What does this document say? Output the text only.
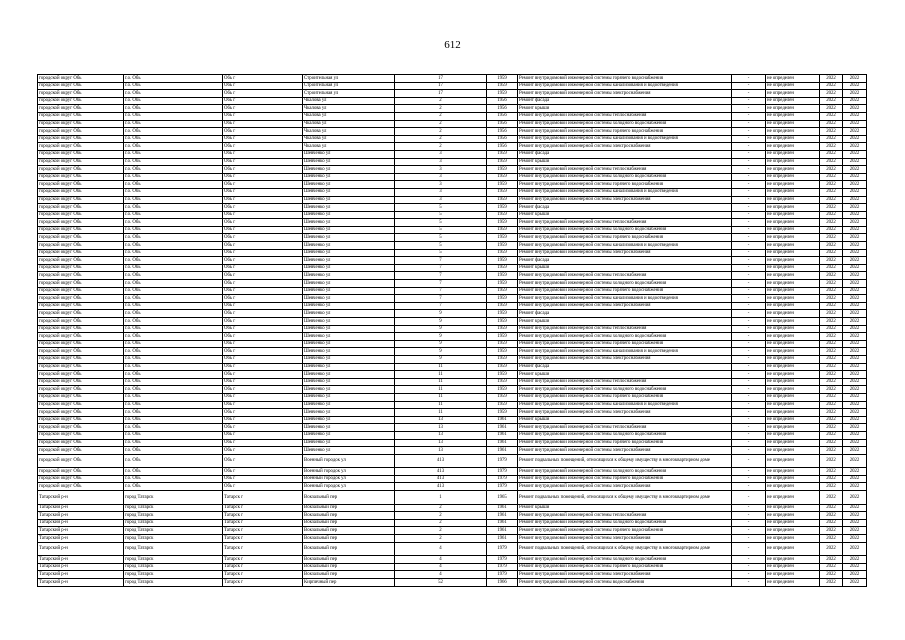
612
городской округ Обь	г.о. Обь	Обь г	Строительная ул	17	1959	Ремонт внутридомовой инженерной системы горячего водоснабжения	-	не определен	2022	2022
городской округ Обь	г.о. Обь	Обь г	Строительная ул	17	1959	Ремонт внутридомовой инженерной системы канализования и водоотведения	-	не определен	2022	2022
городской округ Обь	г.о. Обь	Обь г	Строительная ул	17	1959	Ремонт внутридомовой инженерной системы электроснабжения	-	не определен	2022	2022
городской округ Обь	г.о. Обь	Обь г	Чкалова ул	2	1956	Ремонт фасада	-	не определен	2022	2022
городской округ Обь	г.о. Обь	Обь г	Чкалова ул	2	1956	Ремонт крыши	-	не определен	2022	2022
городской округ Обь	г.о. Обь	Обь г	Чкалова ул	2	1956	Ремонт внутридомовой инженерной системы теплоснабжения	-	не определен	2022	2022
городской округ Обь	г.о. Обь	Обь г	Чкалова ул	2	1956	Ремонт внутридомовой инженерной системы холодного водоснабжения	-	не определен	2022	2022
городской округ Обь	г.о. Обь	Обь г	Чкалова ул	2	1956	Ремонт внутридомовой инженерной системы горячего водоснабжения	-	не определен	2022	2022
городской округ Обь	г.о. Обь	Обь г	Чкалова ул	2	1956	Ремонт внутридомовой инженерной системы канализования и водоотведения	-	не определен	2022	2022
городской округ Обь	г.о. Обь	Обь г	Чкалова ул	2	1956	Ремонт внутридомовой инженерной системы электроснабжения	-	не определен	2022	2022
городской округ Обь	г.о. Обь	Обь г	Шевченко ул	3	1959	Ремонт фасада	-	не определен	2022	2022
городской округ Обь	г.о. Обь	Обь г	Шевченко ул	3	1959	Ремонт крыши	-	не определен	2022	2022
городской округ Обь	г.о. Обь	Обь г	Шевченко ул	3	1959	Ремонт внутридомовой инженерной системы теплоснабжения	-	не определен	2022	2022
городской округ Обь	г.о. Обь	Обь г	Шевченко ул	3	1959	Ремонт внутридомовой инженерной системы холодного водоснабжения	-	не определен	2022	2022
городской округ Обь	г.о. Обь	Обь г	Шевченко ул	3	1959	Ремонт внутридомовой инженерной системы горячего водоснабжения	-	не определен	2022	2022
городской округ Обь	г.о. Обь	Обь г	Шевченко ул	3	1959	Ремонт внутридомовой инженерной системы канализования и водоотведения	-	не определен	2022	2022
городской округ Обь	г.о. Обь	Обь г	Шевченко ул	3	1959	Ремонт внутридомовой инженерной системы электроснабжения	-	не определен	2022	2022
городской округ Обь	г.о. Обь	Обь г	Шевченко ул	5	1959	Ремонт фасада	-	не определен	2022	2022
городской округ Обь	г.о. Обь	Обь г	Шевченко ул	5	1959	Ремонт крыши	-	не определен	2022	2022
городской округ Обь	г.о. Обь	Обь г	Шевченко ул	5	1959	Ремонт внутридомовой инженерной системы теплоснабжения	-	не определен	2022	2022
городской округ Обь	г.о. Обь	Обь г	Шевченко ул	5	1959	Ремонт внутридомовой инженерной системы холодного водоснабжения	-	не определен	2022	2022
городской округ Обь	г.о. Обь	Обь г	Шевченко ул	5	1959	Ремонт внутридомовой инженерной системы горячего водоснабжения	-	не определен	2022	2022
городской округ Обь	г.о. Обь	Обь г	Шевченко ул	5	1959	Ремонт внутридомовой инженерной системы канализования и водоотведения	-	не определен	2022	2022
городской округ Обь	г.о. Обь	Обь г	Шевченко ул	5	1959	Ремонт внутридомовой инженерной системы электроснабжения	-	не определен	2022	2022
городской округ Обь	г.о. Обь	Обь г	Шевченко ул	7	1959	Ремонт фасада	-	не определен	2022	2022
городской округ Обь	г.о. Обь	Обь г	Шевченко ул	7	1959	Ремонт крыши	-	не определен	2022	2022
городской округ Обь	г.о. Обь	Обь г	Шевченко ул	7	1959	Ремонт внутридомовой инженерной системы теплоснабжения	-	не определен	2022	2022
городской округ Обь	г.о. Обь	Обь г	Шевченко ул	7	1959	Ремонт внутридомовой инженерной системы холодного водоснабжения	-	не определен	2022	2022
городской округ Обь	г.о. Обь	Обь г	Шевченко ул	7	1959	Ремонт внутридомовой инженерной системы горячего водоснабжения	-	не определен	2022	2022
городской округ Обь	г.о. Обь	Обь г	Шевченко ул	7	1959	Ремонт внутридомовой инженерной системы канализования и водоотведения	-	не определен	2022	2022
городской округ Обь	г.о. Обь	Обь г	Шевченко ул	7	1959	Ремонт внутридомовой инженерной системы электроснабжения	-	не определен	2022	2022
городской округ Обь	г.о. Обь	Обь г	Шевченко ул	9	1959	Ремонт фасада	-	не определен	2022	2022
городской округ Обь	г.о. Обь	Обь г	Шевченко ул	9	1959	Ремонт крыши	-	не определен	2022	2022
городской округ Обь	г.о. Обь	Обь г	Шевченко ул	9	1959	Ремонт внутридомовой инженерной системы теплоснабжения	-	не определен	2022	2022
городской округ Обь	г.о. Обь	Обь г	Шевченко ул	9	1959	Ремонт внутридомовой инженерной системы холодного водоснабжения	-	не определен	2022	2022
городской округ Обь	г.о. Обь	Обь г	Шевченко ул	9	1959	Ремонт внутридомовой инженерной системы горячего водоснабжения	-	не определен	2022	2022
городской округ Обь	г.о. Обь	Обь г	Шевченко ул	9	1959	Ремонт внутридомовой инженерной системы канализования и водоотведения	-	не определен	2022	2022
городской округ Обь	г.о. Обь	Обь г	Шевченко ул	9	1959	Ремонт внутридомовой инженерной системы электроснабжения	-	не определен	2022	2022
городской округ Обь	г.о. Обь	Обь г	Шевченко ул	11	1959	Ремонт фасада	-	не определен	2022	2022
городской округ Обь	г.о. Обь	Обь г	Шевченко ул	11	1959	Ремонт крыши	-	не определен	2022	2022
городской округ Обь	г.о. Обь	Обь г	Шевченко ул	11	1959	Ремонт внутридомовой инженерной системы теплоснабжения	-	не определен	2022	2022
городской округ Обь	г.о. Обь	Обь г	Шевченко ул	11	1959	Ремонт внутридомовой инженерной системы холодного водоснабжения	-	не определен	2022	2022
городской округ Обь	г.о. Обь	Обь г	Шевченко ул	11	1959	Ремонт внутридомовой инженерной системы горячего водоснабжения	-	не определен	2022	2022
городской округ Обь	г.о. Обь	Обь г	Шевченко ул	11	1959	Ремонт внутридомовой инженерной системы канализования и водоотведения	-	не определен	2022	2022
городской округ Обь	г.о. Обь	Обь г	Шевченко ул	11	1959	Ремонт внутридомовой инженерной системы электроснабжения	-	не определен	2022	2022
городской округ Обь	г.о. Обь	Обь г	Шевченко ул	13	1961	Ремонт крыши	-	не определен	2022	2022
городской округ Обь	г.о. Обь	Обь г	Шевченко ул	13	1961	Ремонт внутридомовой инженерной системы теплоснабжения	-	не определен	2022	2022
городской округ Обь	г.о. Обь	Обь г	Шевченко ул	13	1961	Ремонт внутридомовой инженерной системы холодного водоснабжения	-	не определен	2022	2022
городской округ Обь	г.о. Обь	Обь г	Шевченко ул	13	1961	Ремонт внутридомовой инженерной системы горячего водоснабжения	-	не определен	2022	2022
городской округ Обь	г.о. Обь	Обь г	Шевченко ул	13	1961	Ремонт внутридомовой инженерной системы электроснабжения	-	не определен	2022	2022
городской округ Обь	г.о. Обь	Обь г	Военный городок ул	413	1979	Ремонт подвальных помещений, относящихся к общему имуществу в многоквартирном доме	-	не определен	2022	2022
городской округ Обь	г.о. Обь	Обь г	Военный городок ул	413	1979	Ремонт внутридомовой инженерной системы холодного водоснабжения	-	не определен	2022	2022
городской округ Обь	г.о. Обь	Обь г	Военный городок ул	413	1979	Ремонт внутридомовой инженерной системы горячего водоснабжения	-	не определен	2022	2022
городской округ Обь	г.о. Обь	Обь г	Военный городок ул	413	1979	Ремонт внутридомовой инженерной системы электроснабжения	-	не определен	2022	2022
Татарский р-н	город Татарск	Татарск г	Вокзальный пер	1	1965	Ремонт подвальных помещений, относящихся к общему имуществу в многоквартирном доме	-	не определен	2022	2022
Татарский р-н	город Татарск	Татарск г	Вокзальный пер	2	1961	Ремонт крыши	-	не определен	2022	2022
Татарский р-н	город Татарск	Татарск г	Вокзальный пер	2	1961	Ремонт внутридомовой инженерной системы теплоснабжения	-	не определен	2022	2022
Татарский р-н	город Татарск	Татарск г	Вокзальный пер	2	1961	Ремонт внутридомовой инженерной системы холодного водоснабжения	-	не определен	2022	2022
Татарский р-н	город Татарск	Татарск г	Вокзальный пер	2	1961	Ремонт внутридомовой инженерной системы горячего водоснабжения	-	не определен	2022	2022
Татарский р-н	город Татарск	Татарск г	Вокзальный пер	2	1961	Ремонт внутридомовой инженерной системы электроснабжения	-	не определен	2022	2022
Татарский р-н	город Татарск	Татарск г	Вокзальный пер	4	1979	Ремонт подвальных помещений, относящихся к общему имуществу в многоквартирном доме	-	не определен	2022	2022
Татарский р-н	город Татарск	Татарск г	Вокзальный пер	4	1979	Ремонт внутридомовой инженерной системы холодного водоснабжения	-	не определен	2022	2022
Татарский р-н	город Татарск	Татарск г	Вокзальный пер	4	1979	Ремонт внутридомовой инженерной системы горячего водоснабжения	-	не определен	2022	2022
Татарский р-н	город Татарск	Татарск г	Вокзальный пер	4	1979	Ремонт внутридомовой инженерной системы электроснабжения	-	не определен	2022	2022
Татарский р-н	город Татарск	Татарск г	Кирпичный пер	52	1966	Ремонт внутридомовой инженерной системы водоснабжения	-	не определен	2022	2022
